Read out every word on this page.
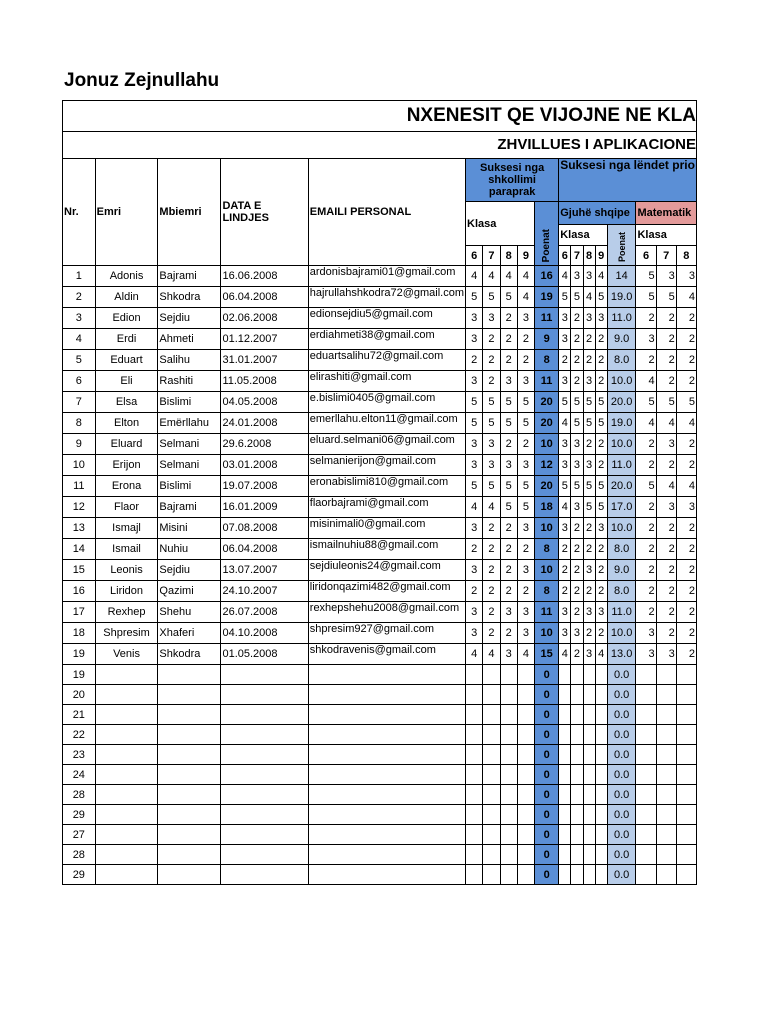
Jonuz Zejnullahu
NXENESIT QE VIJOJNE NE KLA																	
ZHVILLUES I APLIKACIONE																	
Nr.	Emri	Mbiemri	DATA E
LINDJES	EMAILI PERSONAL	Suksesi nga shkollimi paraprak					Suksesi nga lëndet prio							
					Klasa				Poenat	Gjuhë shqipe					Matematik		
										Klasa				Poenat	Klasa		
					6	7	8	9		6	7	8	9		6	7	8
1	Adonis	Bajrami	16.06.2008	ardonisbajrami01@gmail.com	4	4	4	4	16	4	3	3	4	14	5	3	3
2	Aldin	Shkodra	06.04.2008	hajrullahshkodra72@gmail.com	5	5	5	4	19	5	5	4	5	19.0	5	5	4
3	Edion	Sejdiu	02.06.2008	edionsejdiu5@gmail.com	3	3	2	3	11	3	2	3	3	11.0	2	2	2
4	Erdi	Ahmeti	01.12.2007	erdiahmeti38@gmail.com	3	2	2	2	9	3	2	2	2	9.0	3	2	2
5	Eduart	Salihu	31.01.2007	eduartsalihu72@gmail.com	2	2	2	2	8	2	2	2	2	8.0	2	2	2
6	Eli	Rashiti	11.05.2008	elirashiti@gmail.com	3	2	3	3	11	3	2	3	2	10.0	4	2	2
7	Elsa	Bislimi	04.05.2008	e.bislimi0405@gmail.com	5	5	5	5	20	5	5	5	5	20.0	5	5	5
8	Elton	Emërllahu	24.01.2008	emerllahu.elton11@gmail.com	5	5	5	5	20	4	5	5	5	19.0	4	4	4
9	Eluard	Selmani	29.6.2008	eluard.selmani06@gmail.com	3	3	2	2	10	3	3	2	2	10.0	2	3	2
10	Erijon	Selmani	03.01.2008	selmanierijon@gmail.com	3	3	3	3	12	3	3	3	2	11.0	2	2	2
11	Erona	Bislimi	19.07.2008	eronabislimi810@gmail.com	5	5	5	5	20	5	5	5	5	20.0	5	4	4
12	Flaor	Bajrami	16.01.2009	flaorbajrami@gmail.com	4	4	5	5	18	4	3	5	5	17.0	2	3	3
13	Ismajl	Misini	07.08.2008	misinimali0@gmail.com	3	2	2	3	10	3	2	2	3	10.0	2	2	2
14	Ismail	Nuhiu	06.04.2008	ismailnuhiu88@gmail.com	2	2	2	2	8	2	2	2	2	8.0	2	2	2
15	Leonis	Sejdiu	13.07.2007	sejdiuleonis24@gmail.com	3	2	2	3	10	2	2	3	2	9.0	2	2	2
16	Liridon	Qazimi	24.10.2007	liridonqazimi482@gmail.com	2	2	2	2	8	2	2	2	2	8.0	2	2	2
17	Rexhep	Shehu	26.07.2008	rexhepshehu2008@gmail.com	3	2	3	3	11	3	2	3	3	11.0	2	2	2
18	Shpresim	Xhaferi	04.10.2008	shpresim927@gmail.com	3	2	2	3	10	3	3	2	2	10.0	3	2	2
19	Venis	Shkodra	01.05.2008	shkodravenis@gmail.com	4	4	3	4	15	4	2	3	4	13.0	3	3	2
19									0					0.0			
20									0					0.0			
21									0					0.0			
22									0					0.0			
23									0					0.0			
24									0					0.0			
28									0					0.0			
29									0					0.0			
27									0					0.0			
28									0					0.0			
29									0					0.0			
